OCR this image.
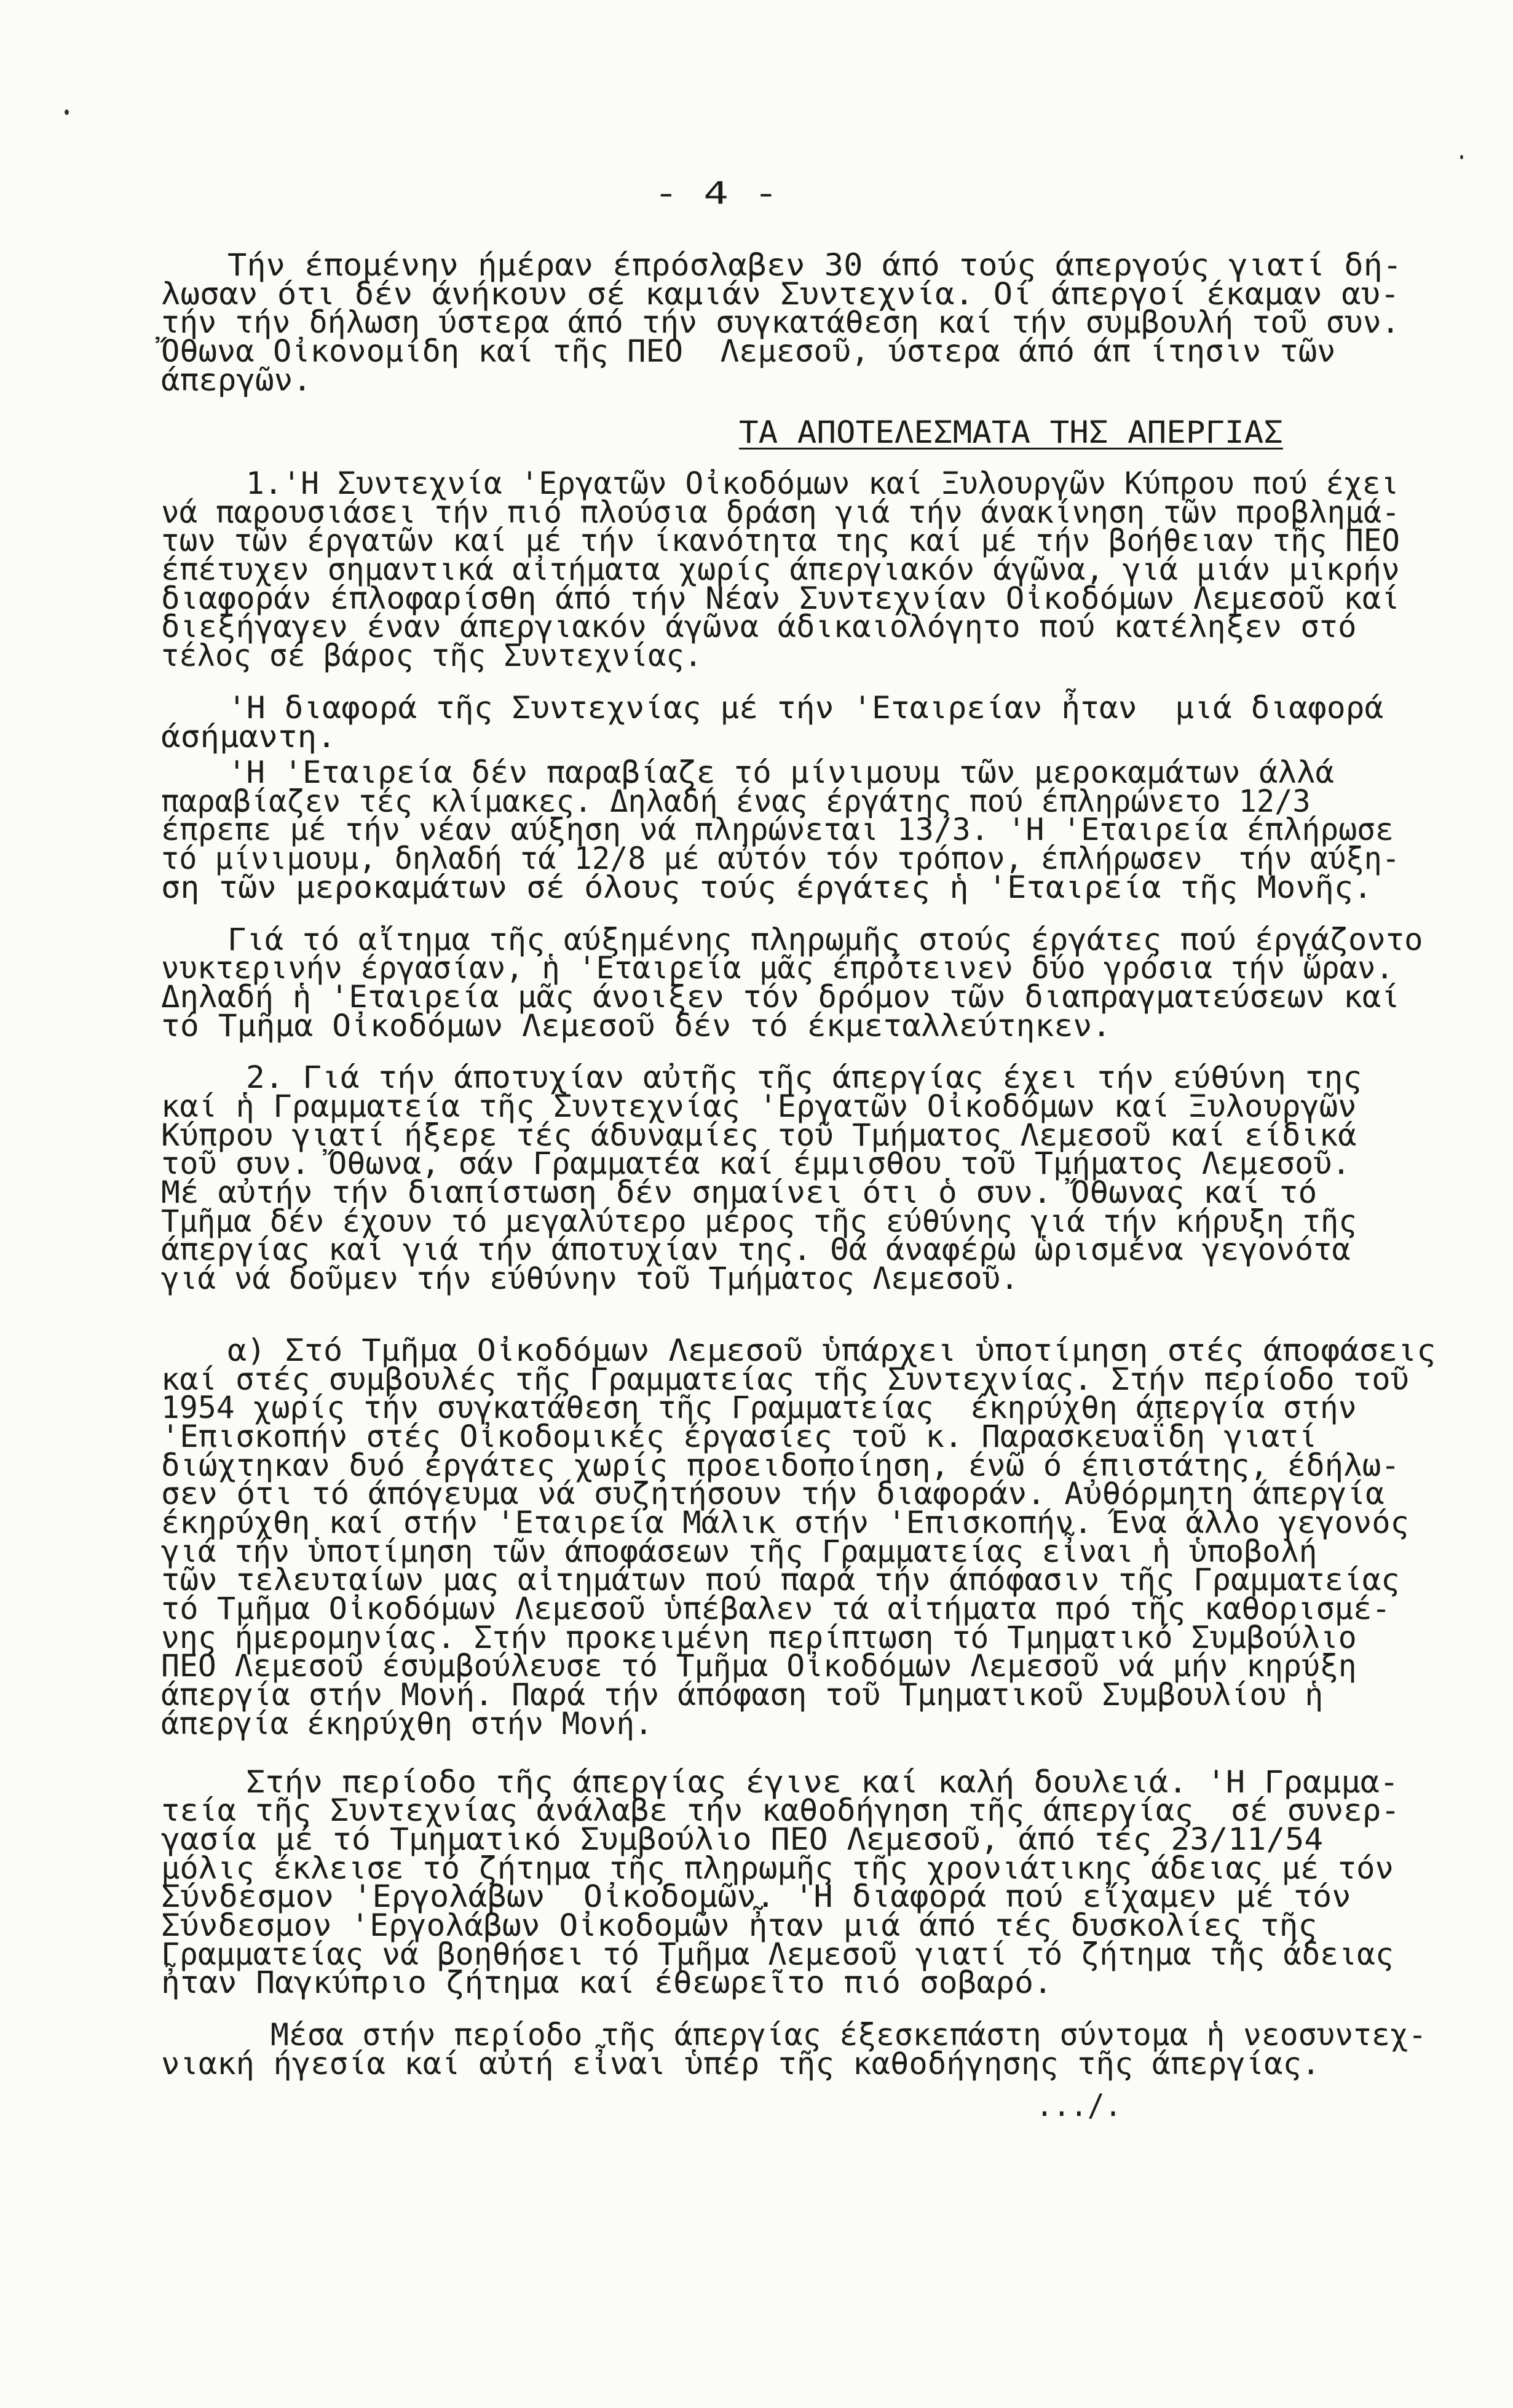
- 4 -
Τήν έπομένην ήμέραν έπρόσλαβεν 30 άπό τούς άπεργούς γιατί δή-
λωσαν ότι δέν άνήκουν σέ καμιάν Συντεχνία. Οί άπεργοί έκαμαν αυ-
τήν τήν δήλωση ύστερα άπό τήν συγκατάθεση καί τήν συμβουλή τοῦ συν.
Ὄθωνα Οἰκονομίδη καί τῆς ΠΕΟ  Λεμεσοῦ, ύστερα άπό άπ ίτησιν τῶν
άπεργῶν.
ΤΑ ΑΠΟΤΕΛΕΣΜΑΤΑ ΤΗΣ ΑΠΕΡΓΙΑΣ
1.'Η Συντεχνία 'Εργατῶν Οἰκοδόμων καί Ξυλουργῶν Κύπρου πού έχει
νά παρουσιάσει τήν πιό πλούσια δράση γιά τήν άνακίνηση τῶν προβλημά-
των τῶν έργατῶν καί μέ τήν ίκανότητα της καί μέ τήν βοήθειαν τῆς ΠΕΟ
έπέτυχεν σημαντικά αἰτήματα χωρίς άπεργιακόν άγῶνα, γιά μιάν μικρήν
διαφοράν έπλοφαρίσθη άπό τήν Νέαν Συντεχνίαν Οἰκοδόμων Λεμεσοῦ καί
διεξήγαγεν έναν άπεργιακόν άγῶνα άδικαιολόγητο πού κατέληξεν στό
τέλος σέ βάρος τῆς Συντεχνίας.
'Η διαφορά τῆς Συντεχνίας μέ τήν 'Εταιρείαν ἦταν  μιά διαφορά
άσήμαντη.
'Η 'Εταιρεία δέν παραβίαζε τό μίνιμουμ τῶν μεροκαμάτων άλλά
παραβίαζεν τές κλίμακες. Δηλαδή ένας έργάτης πού έπληρώνετο 12/3
έπρεπε μέ τήν νέαν αύξηση νά πληρώνεται 13/3. 'Η 'Εταιρεία έπλήρωσε
τό μίνιμουμ, δηλαδή τά 12/8 μέ αὐτόν τόν τρόπον, έπλήρωσεν  τήν αύξη-
ση τῶν μεροκαμάτων σέ όλους τούς έργάτες ἡ 'Εταιρεία τῆς Μονῆς.
Γιά τό αἴτημα τῆς αύξημένης πληρωμῆς στούς έργάτες πού έργάζοντο
νυκτερινήν έργασίαν, ἡ 'Εταιρεία μᾶς έπρότεινεν δύο γρόσια τήν ὥραν.
Δηλαδή ἡ 'Εταιρεία μᾶς άνοιξεν τόν δρόμον τῶν διαπραγματεύσεων καί
τό Τμῆμα Οἰκοδόμων Λεμεσοῦ δέν τό έκμεταλλεύτηκεν.
2. Γιά τήν άποτυχίαν αὐτῆς τῆς άπεργίας έχει τήν εύθύνη της
καί ἡ Γραμματεία τῆς Συντεχνίας 'Εργατῶν Οἰκοδόμων καί Ξυλουργῶν
Κύπρου γιατί ήξερε τές άδυναμίες τοῦ Τμήματος Λεμεσοῦ καί είδικά
τοῦ συν. Ὄθωνα, σάν Γραμματέα καί έμμισθου τοῦ Τμήματος Λεμεσοῦ.
Μέ αὐτήν τήν διαπίστωση δέν σημαίνει ότι ὁ συν. Ὄθωνας καί τό
Τμῆμα δέν έχουν τό μεγαλύτερο μέρος τῆς εύθύνης γιά τήν κήρυξη τῆς
άπεργίας καί γιά τήν άποτυχίαν της. Θά άναφέρω ὡρισμένα γεγονότα
γιά νά δοῦμεν τήν εύθύνην τοῦ Τμήματος Λεμεσοῦ.
α) Στό Τμῆμα Οἰκοδόμων Λεμεσοῦ ὑπάρχει ὑποτίμηση στές άποφάσεις
καί στές συμβουλές τῆς Γραμματείας τῆς Συντεχνίας. Στήν περίοδο τοῦ
1954 χωρίς τήν συγκατάθεση τῆς Γραμματείας  έκηρύχθη άπεργία στήν
'Επισκοπήν στές Οἰκοδομικές έργασίες τοῦ κ. Παρασκευαΐδη γιατί
διώχτηκαν δυό έργάτες χωρίς προειδοποίηση, ένῶ ό έπιστάτης, έδήλω-
σεν ότι τό άπόγευμα νά συζητήσουν τήν διαφοράν. Αὐθόρμητη άπεργία
έκηρύχθη καί στήν 'Εταιρεία Μάλικ στήν 'Επισκοπήν. Ένα άλλο γεγονός
γιά τήν ὑποτίμηση τῶν άποφάσεων τῆς Γραμματείας εἶναι ἡ ὑποβολή
τῶν τελευταίων μας αἰτημάτων πού παρά τήν άπόφασιν τῆς Γραμματείας
τό Τμῆμα Οἰκοδόμων Λεμεσοῦ ὑπέβαλεν τά αἰτήματα πρό τῆς καθορισμέ-
νης ήμερομηνίας. Στήν προκειμένη περίπτωση τό Τμηματικό Συμβούλιο
ΠΕΟ Λεμεσοῦ έσυμβούλευσε τό Τμῆμα Οἰκοδόμων Λεμεσοῦ νά μήν κηρύξη
άπεργία στήν Μονή. Παρά τήν άπόφαση τοῦ Τμηματικοῦ Συμβουλίου ἡ
άπεργία έκηρύχθη στήν Μονή.
Στήν περίοδο τῆς άπεργίας έγινε καί καλή δουλειά. 'Η Γραμμα-
τεία τῆς Συντεχνίας άνάλαβε τήν καθοδήγηση τῆς άπεργίας  σέ συνερ-
γασία μέ τό Τμηματικό Συμβούλιο ΠΕΟ Λεμεσοῦ, άπό τές 23/11/54
μόλις έκλεισε τό ζήτημα τῆς πληρωμῆς τῆς χρονιάτικης άδειας μέ τόν
Σύνδεσμον 'Εργολάβων  Οἰκοδομῶν. 'Η διαφορά πού εἴχαμεν μέ τόν
Σύνδεσμον 'Εργολάβων Οἰκοδομῶν ἦταν μιά άπό τές δυσκολίες τῆς
Γραμματείας νά βοηθήσει τό Τμῆμα Λεμεσοῦ γιατί τό ζήτημα τῆς άδειας
ἦταν Παγκύπριο ζήτημα καί έθεωρεῖτο πιό σοβαρό.
Μέσα στήν περίοδο τῆς άπεργίας έξεσκεπάστη σύντομα ἡ νεοσυντεχ-
νιακή ήγεσία καί αὐτή εἶναι ὑπέρ τῆς καθοδήγησης τῆς άπεργίας.
.../.
